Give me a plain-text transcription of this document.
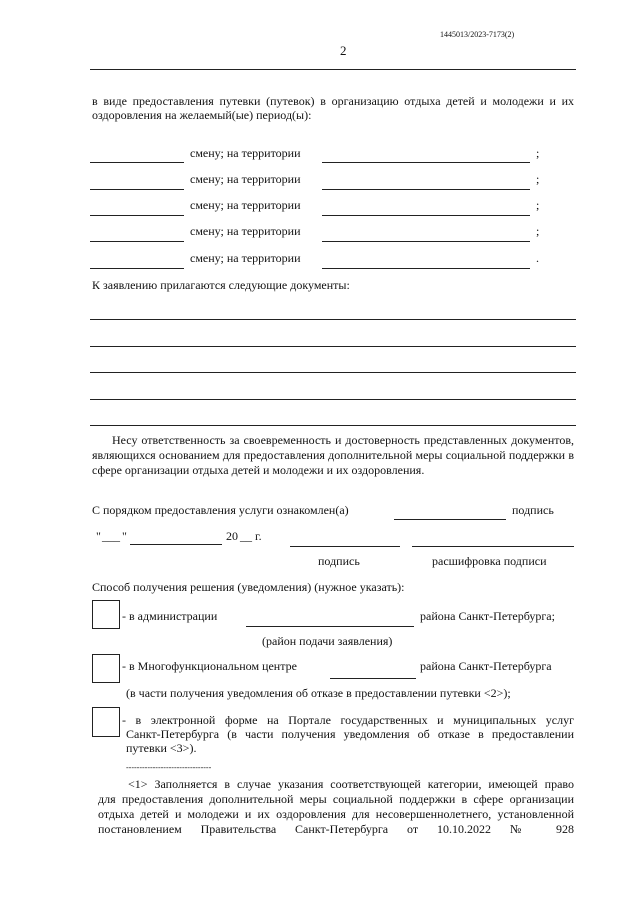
1445013/2023-7173(2)
2
в виде предоставления путевки (путевок) в организацию отдыха детей и молодежи и их оздоровления на желаемый(ые) период(ы):
смену; на территории	;
смену; на территории	;
смену; на территории	;
смену; на территории	;
смену; на территории	.
К заявлению прилагаются следующие документы:
Несу ответственность за своевременность и достоверность представленных документов, являющихся основанием для предоставления дополнительной меры социальной поддержки в сфере организации отдыха детей и молодежи и их оздоровления.
С порядком предоставления услуги ознакомлен(а)	подпись
" ___ "	20 __ г.
подпись	расшифровка подписи
Способ получения решения (уведомления) (нужное указать):
- в администрации	района Санкт-Петербурга;
(район подачи заявления)
- в Многофункциональном центре	района Санкт-Петербурга
(в части получения уведомления об отказе в предоставлении путевки <2>);
- в электронной форме на Портале государственных и муниципальных услуг
Санкт-Петербурга (в части получения уведомления об отказе в предоставлении
путевки <3>).
--------------------------------
<1> Заполняется в случае указания соответствующей категории, имеющей право
для предоставления дополнительной меры социальной поддержки в сфере организации
отдыха детей и молодежи и их оздоровления для несовершеннолетнего, установленной
постановлением Правительства Санкт-Петербурга от 10.10.2022 № 928
